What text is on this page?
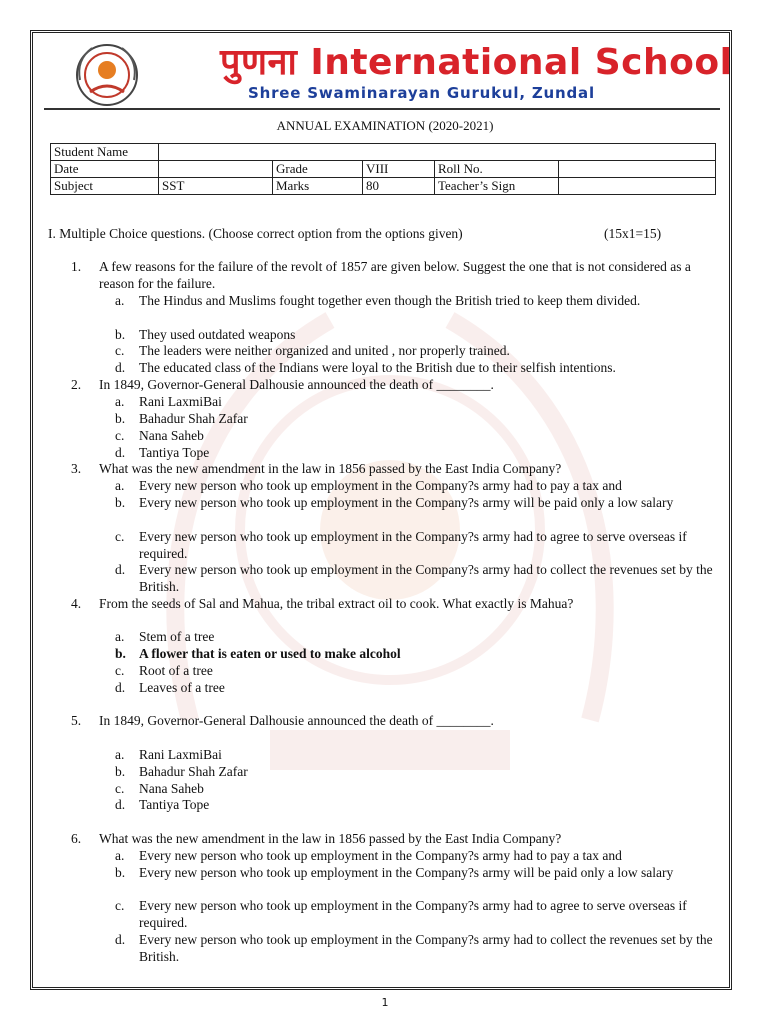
पुणना International School
Shree Swaminarayan Gurukul, Zundal
ANNUAL EXAMINATION (2020-2021)
Student Name					
Date		Grade	VIII	Roll No.	
Subject	SST	Marks	80	Teacher’s Sign	
I. Multiple Choice questions. (Choose correct option from the options given)	(15x1=15)
1. A few reasons for the failure of the revolt of 1857 are given below. Suggest the one that is not considered as a reason for the failure.
a. The Hindus and Muslims fought together even though the British tried to keep them divided.
b. They used outdated weapons
c. The leaders were neither organized and united , nor properly trained.
d. The educated class of the Indians were loyal to the British due to their selfish intentions.
2. In 1849, Governor-General Dalhousie announced the death of ________.
a. Rani LaxmiBai
b. Bahadur Shah Zafar
c. Nana Saheb
d. Tantiya Tope
3. What was the new amendment in the law in 1856 passed by the East India Company?
a. Every new person who took up employment in the Company?s army had to pay a tax and
b. Every new person who took up employment in the Company?s army will be paid only a low salary
c. Every new person who took up employment in the Company?s army had to agree to serve overseas if required.
d. Every new person who took up employment in the Company?s army had to collect the revenues set by the British.
4. From the seeds of Sal and Mahua, the tribal extract oil to cook. What exactly is Mahua?
a. Stem of a tree
b. A flower that is eaten or used to make alcohol
c. Root of a tree
d. Leaves of a tree
5. In 1849, Governor-General Dalhousie announced the death of ________.
a. Rani LaxmiBai
b. Bahadur Shah Zafar
c. Nana Saheb
d. Tantiya Tope
6. What was the new amendment in the law in 1856 passed by the East India Company?
a. Every new person who took up employment in the Company?s army had to pay a tax and
b. Every new person who took up employment in the Company?s army will be paid only a low salary
c. Every new person who took up employment in the Company?s army had to agree to serve overseas if required.
d. Every new person who took up employment in the Company?s army had to collect the revenues set by the British.
1
